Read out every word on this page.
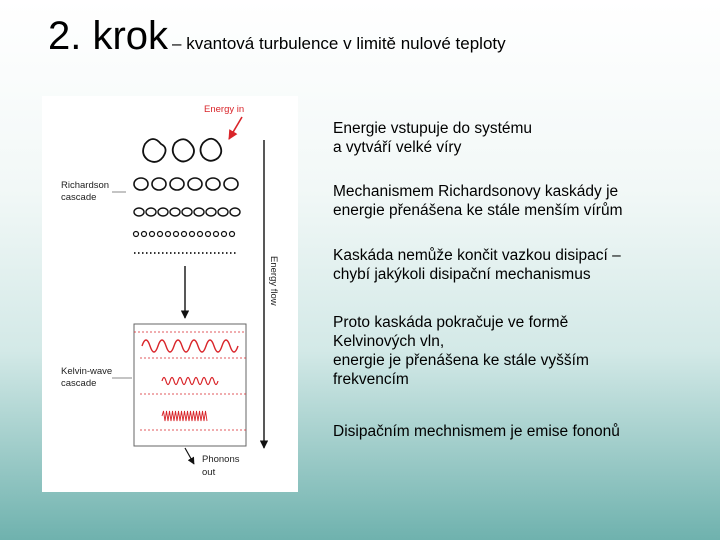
2. krok – kvantová turbulence v limitě nulové teploty
Energy in
Richardson
cascade
Energy flow
Kelvin-wave
cascade
Phonons
out

Energie vstupuje do systému
a vytváří velké víry

Mechanismem Richardsonovy kaskády je
energie přenášena ke stále menším vírům

Kaskáda nemůže končit vazkou disipací –
chybí jakýkoli disipační mechanismus

Proto kaskáda pokračuje ve formě
Kelvinových vln,
energie je přenášena ke stále vyšším
frekvencím

Disipačním mechnismem je emise fononů
